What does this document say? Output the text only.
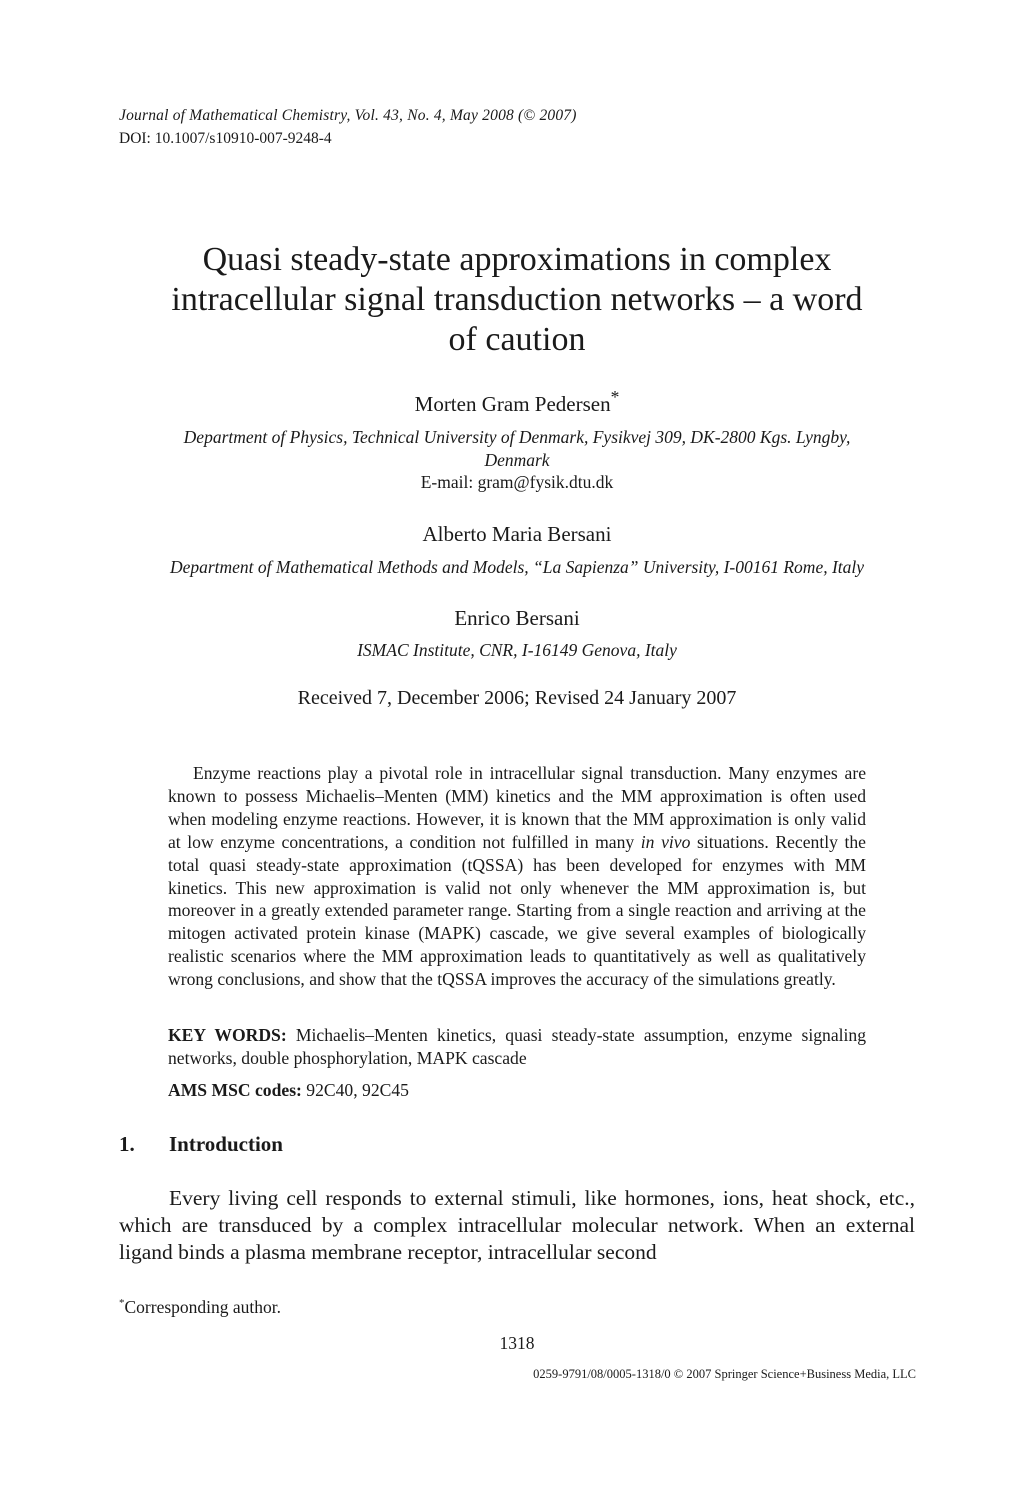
Journal of Mathematical Chemistry, Vol. 43, No. 4, May 2008 (© 2007)
DOI: 10.1007/s10910-007-9248-4
Quasi steady-state approximations in complex
intracellular signal transduction networks – a word
of caution
Morten Gram Pedersen*
Department of Physics, Technical University of Denmark, Fysikvej 309, DK-2800 Kgs. Lyngby,
Denmark
E-mail: gram@fysik.dtu.dk
Alberto Maria Bersani
Department of Mathematical Methods and Models, “La Sapienza” University, I-00161 Rome, Italy
Enrico Bersani
ISMAC Institute, CNR, I-16149 Genova, Italy
Received 7, December 2006; Revised 24 January 2007
Enzyme reactions play a pivotal role in intracellular signal transduction. Many enzymes are known to possess Michaelis–Menten (MM) kinetics and the MM approximation is often used when modeling enzyme reactions. However, it is known that the MM approximation is only valid at low enzyme concentrations, a condition not fulfilled in many in vivo situations. Recently the total quasi steady-state approximation (tQSSA) has been developed for enzymes with MM kinetics. This new approximation is valid not only whenever the MM approximation is, but moreover in a greatly extended parameter range. Starting from a single reaction and arriving at the mitogen activated protein kinase (MAPK) cascade, we give several examples of biologically realistic scenarios where the MM approximation leads to quantitatively as well as qualitatively wrong conclusions, and show that the tQSSA improves the accuracy of the simulations greatly.
KEY WORDS: Michaelis–Menten kinetics, quasi steady-state assumption, enzyme signaling networks, double phosphorylation, MAPK cascade
AMS MSC codes: 92C40, 92C45
1. Introduction
Every living cell responds to external stimuli, like hormones, ions, heat shock, etc., which are transduced by a complex intracellular molecular network. When an external ligand binds a plasma membrane receptor, intracellular second
*Corresponding author.
1318
0259-9791/08/0005-1318/0 © 2007 Springer Science+Business Media, LLC
